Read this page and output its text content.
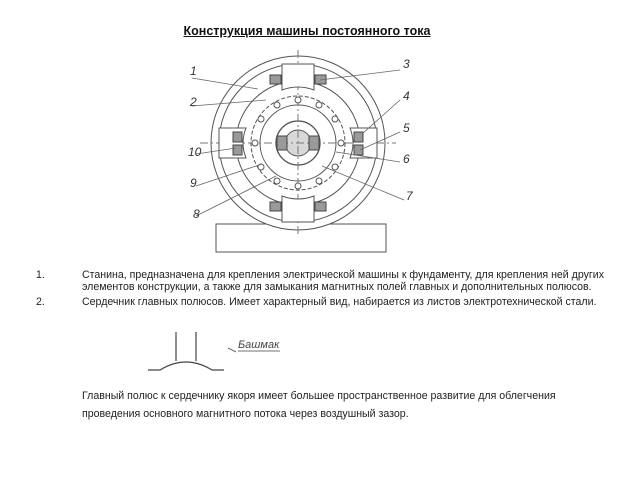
Конструкция машины постоянного тока
1
2
3
4
5
6
7
8
9
10
1.	Станина, предназначена для крепления электрической машины к фундаменту, для крепления ней других элементов конструкции, а также для замыкания магнитных полей главных и дополнительных полюсов.
2.	Сердечник главных полюсов. Имеет характерный вид, набирается из листов электротехнической стали.
Башмак
Главный полюс к сердечнику якоря имеет большее пространственное развитие для облегчения проведения основного магнитного потока через воздушный зазор.
